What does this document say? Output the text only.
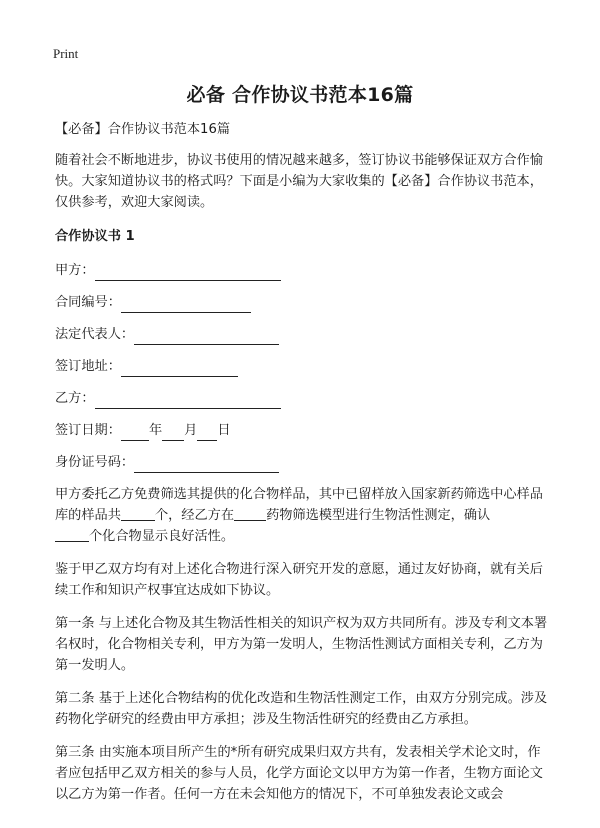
Print
必备 合作协议书范本16篇

【必备】合作协议书范本16篇

随着社会不断地进步，协议书使用的情况越来越多，签订协议书能够保证双方合作愉快。大家知道协议书的格式吗？下面是小编为大家收集的【必备】合作协议书范本，仅供参考，欢迎大家阅读。

合作协议书 1

甲方：
合同编号：
法定代表人：
签订地址：
乙方：
签订日期： 年 月 日
身份证号码：

甲方委托乙方免费筛选其提供的化合物样品，其中已留样放入国家新药筛选中心样品库的样品共	个，经乙方在 药物筛选模型进行生物活性测定，确认
个化合物显示良好活性。

鉴于甲乙双方均有对上述化合物进行深入研究开发的意愿，通过友好协商，就有关后续工作和知识产权事宜达成如下协议。

第一条 与上述化合物及其生物活性相关的知识产权为双方共同所有。涉及专利文本署名权时，化合物相关专利，甲方为第一发明人，生物活性测试方面相关专利，乙方为第一发明人。

第二条 基于上述化合物结构的优化改造和生物活性测定工作，由双方分别完成。涉及药物化学研究的经费由甲方承担；涉及生物活性研究的经费由乙方承担。

第三条 由实施本项目所产生的*所有研究成果归双方共有，发表相关学术论文时，作者应包括甲乙双方相关的参与人员，化学方面论文以甲方为第一作者，生物方面论文以乙方为第一作者。任何一方在未会知他方的情况下，不可单独发表论文或会
